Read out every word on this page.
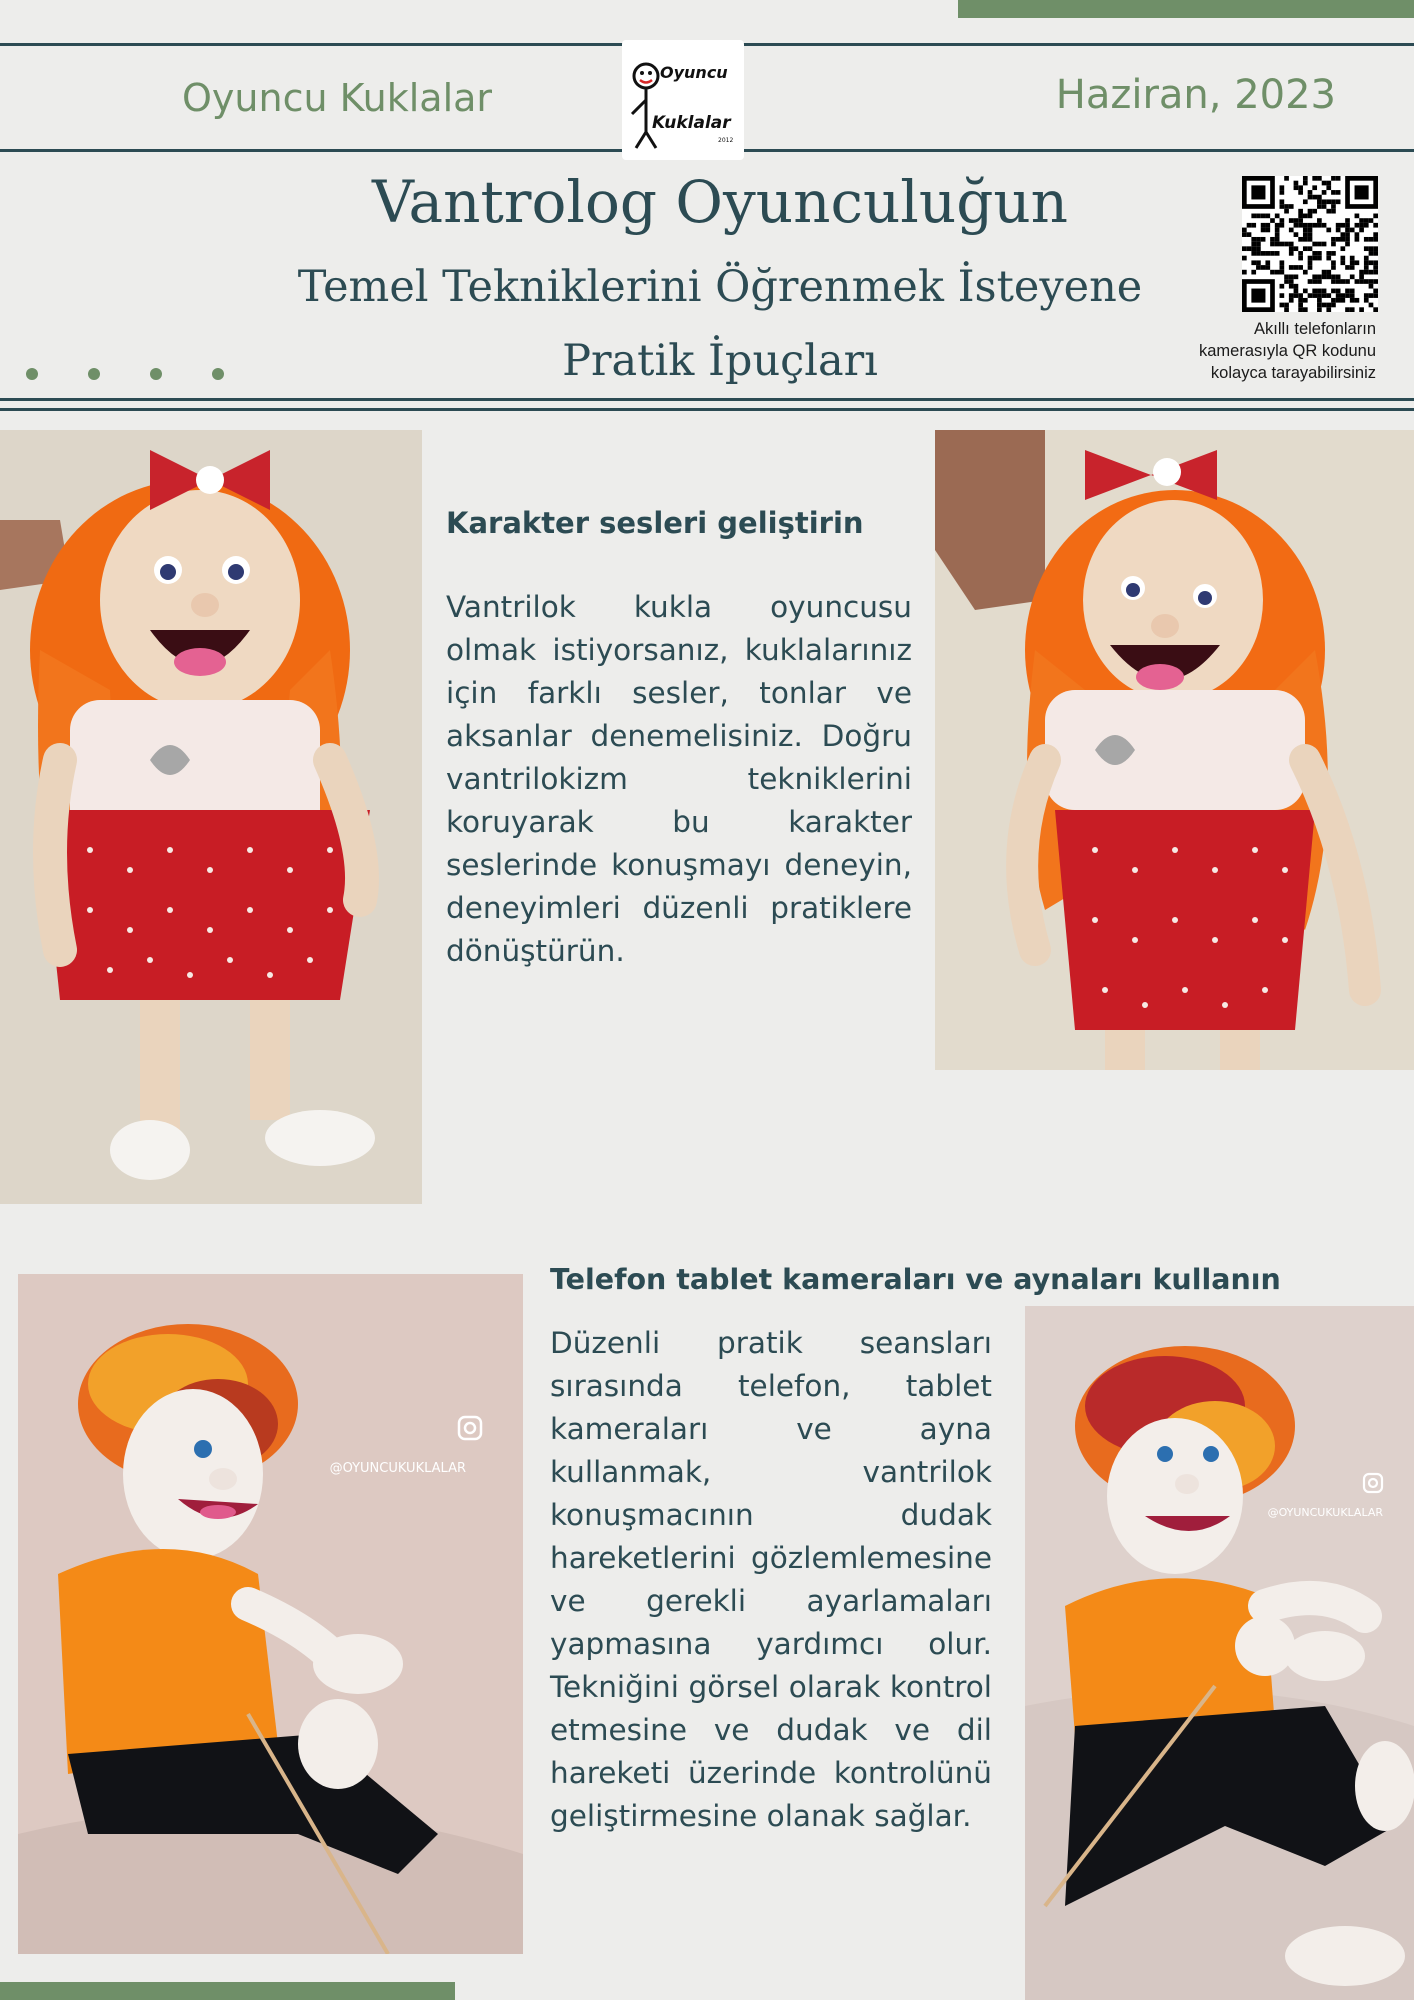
Oyuncu Kuklalar	Haziran, 2023
Oyuncu
Kuklalar
2012
Vantrolog Oyunculuğun
Temel Tekniklerini Öğrenmek İsteyene
Pratik İpuçları
Akıllı telefonların
kamerasıyla QR kodunu
kolayca tarayabilirsiniz
Karakter sesleri geliştirin
Vantrilok kukla oyuncusu olmak istiyorsanız, kuklalarınız için farklı sesler, tonlar ve aksanlar denemelisiniz. Doğru vantrilokizm tekniklerini koruyarak bu karakter seslerinde konuşmayı deneyin, deneyimleri düzenli pratiklere dönüştürün.
Telefon tablet kameraları ve aynaları kullanın
@OYUNCUKUKLALAR
Düzenli pratik seansları sırasında telefon, tablet kameraları ve ayna kullanmak, vantrilok konuşmacının dudak hareketlerini gözlemlemesine ve gerekli ayarlamaları yapmasına yardımcı olur. Tekniğini görsel olarak kontrol etmesine ve dudak ve dil hareketi üzerinde kontrolünü geliştirmesine olanak sağlar.
@OYUNCUKUKLALAR
